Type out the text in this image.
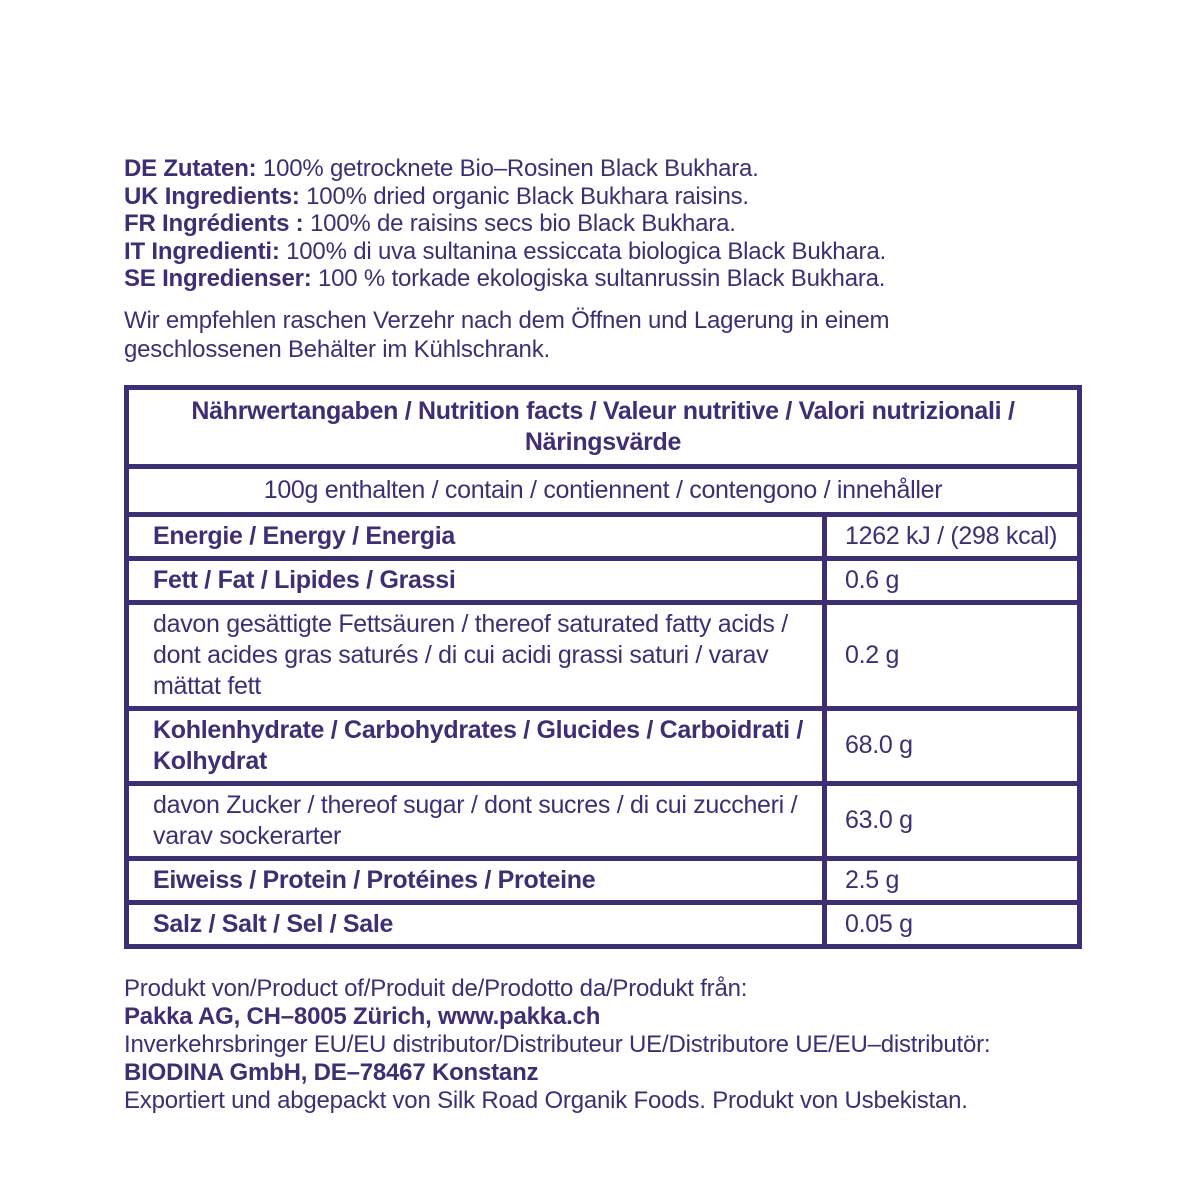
DE Zutaten: 100% getrocknete Bio–Rosinen Black Bukhara.

UK Ingredients: 100% dried organic Black Bukhara raisins.

FR Ingrédients : 100% de raisins secs bio Black Bukhara.

IT Ingredienti: 100% di uva sultanina essiccata biologica Black Bukhara.

SE Ingredienser: 100 % torkade ekologiska sultanrussin Black Bukhara.

Wir empfehlen raschen Verzehr nach dem Öffnen und Lagerung in einem geschlossenen Behälter im Kühlschrank.

Nährwertangaben / Nutrition facts / Valeur nutritive / Valori nutrizionali / Näringsvärde	
100g enthalten / contain / contiennent / contengono / innehåller	
Energie / Energy / Energia	1262 kJ / (298 kcal)
Fett / Fat / Lipides / Grassi	0.6 g
davon gesättigte Fettsäuren / thereof saturated fatty acids / dont acides gras saturés / di cui acidi grassi saturi / varav mättat fett	0.2 g
Kohlenhydrate / Carbohydrates / Glucides / Carboidrati / Kolhydrat	68.0 g
davon Zucker / thereof sugar / dont sucres / di cui zuccheri / varav sockerarter	63.0 g
Eiweiss / Protein / Protéines / Proteine	2.5 g
Salz / Salt / Sel / Sale	0.05 g

Produkt von/Product of/Produit de/Prodotto da/Produkt från:

Pakka AG, CH–8005 Zürich, www.pakka.ch

Inverkehrsbringer EU/EU distributor/Distributeur UE/Distributore UE/EU–distributör:

BIODINA GmbH, DE–78467 Konstanz

Exportiert und abgepackt von Silk Road Organik Foods. Produkt von Usbekistan.
